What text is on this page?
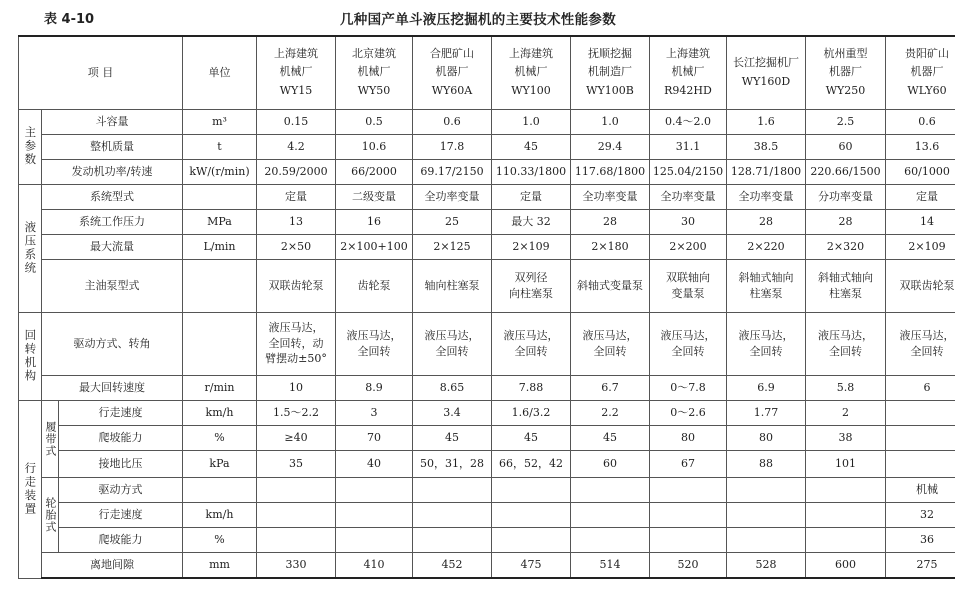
表 4-10	几种国产单斗液压挖掘机的主要技术性能参数
项 目			单位	上海建筑
机械厂
WY15	北京建筑
机械厂
WY50	合肥矿山
机器厂
WY60A	上海建筑
机械厂
WY100	抚顺挖掘
机制造厂
WY100B	上海建筑
机械厂
R942HD	长江挖掘机厂
WY160D	杭州重型
机器厂
WY250	贵阳矿山
机器厂
WLY60

主参数	斗容量		m³	0.15	0.5	0.6	1.0	1.0	0.4～2.0	1.6	2.5	0.6
	整机质量		t	4.2	10.6	17.8	45	29.4	31.1	38.5	60	13.6
	发动机功率/转速		kW/(r/min)	20.59/2000	66/2000	69.17/2150	110.33/1800	117.68/1800	125.04/2150	128.71/1800	220.66/1500	60/1000
液压系统	系统型式			定量	二级变量	全功率变量	定量	全功率变量	全功率变量	全功率变量	分功率变量	定量
	系统工作压力		MPa	13	16	25	最大 32	28	30	28	28	14
	最大流量		L/min	2×50	2×100+100	2×125	2×109	2×180	2×200	2×220	2×320	2×109
	主油泵型式			双联齿轮泵	齿轮泵	轴向柱塞泵	双列径
向柱塞泵	斜轴式变量泵	双联轴向
变量泵	斜轴式轴向
柱塞泵	斜轴式轴向
柱塞泵	双联齿轮泵

回转机构	驱动方式、转角			液压马达，
全回转，动
臂摆动±50°	液压马达，
全回转	液压马达，
全回转	液压马达，
全回转	液压马达，
全回转	液压马达，
全回转	液压马达，
全回转	液压马达，
全回转	液压马达，
全回转

	最大回转速度		r/min	10	8.9	8.65	7.88	6.7	0～7.8	6.9	5.8	6
行走装置	履带式	行走速度	km/h	1.5～2.2	3	3.4	1.6/3.2	2.2	0～2.6	1.77	2	
		爬坡能力	%	≥40	70	45	45	45	80	80	38	
		接地比压	kPa	35	40	50，31，28	66，52，42	60	67	88	101	
	轮胎式	驱动方式										机械
		行走速度	km/h									32
		爬坡能力	%									36
	离地间隙		mm	330	410	452	475	514	520	528	600	275
